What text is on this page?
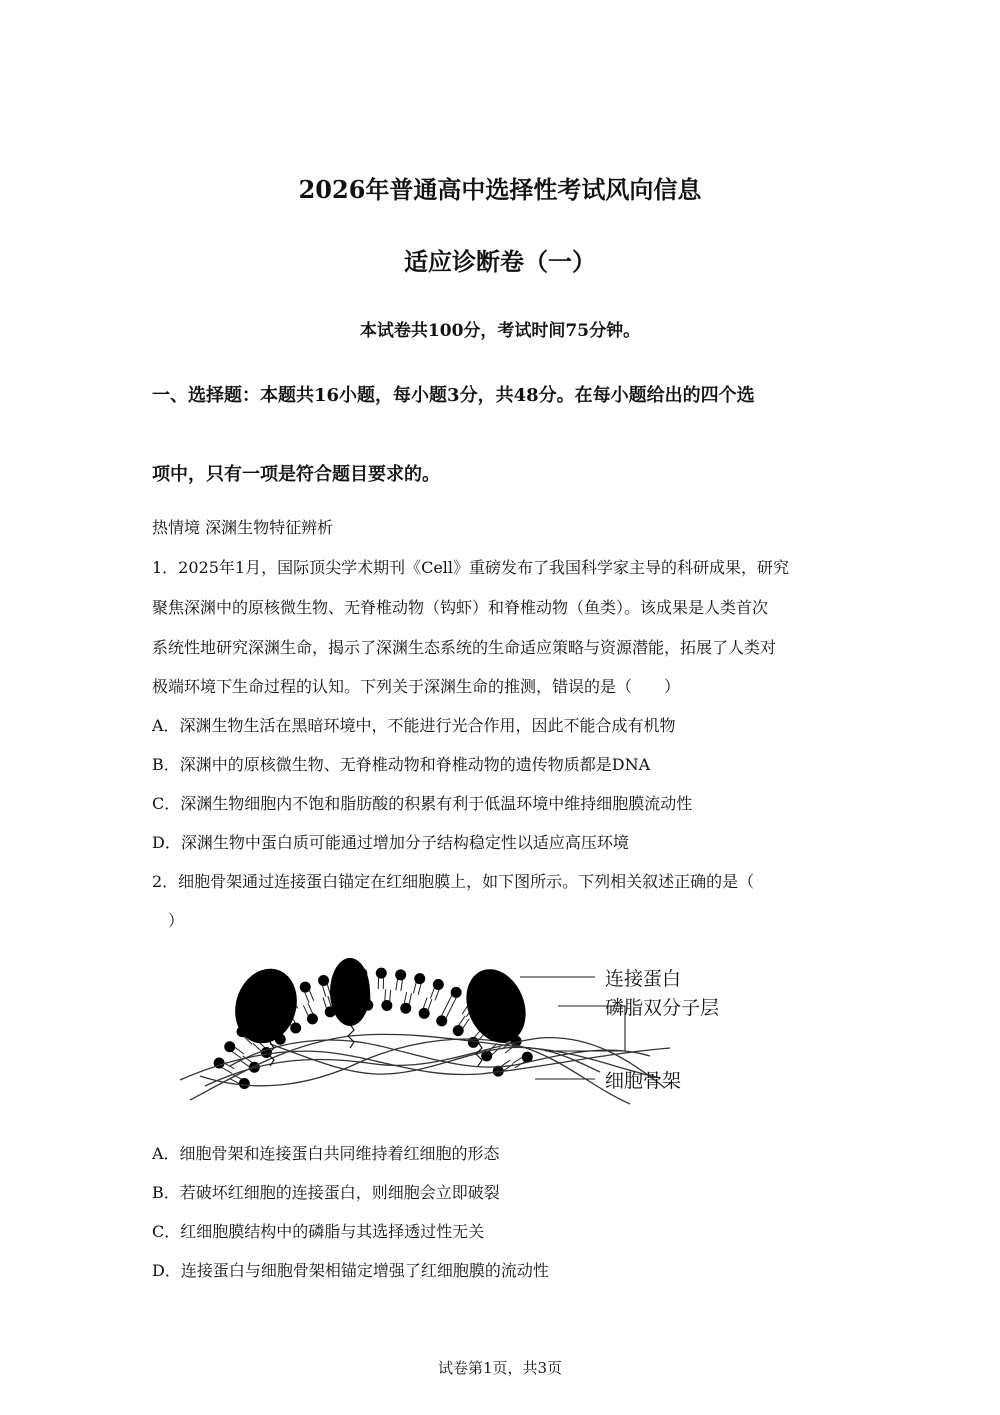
2026年普通高中选择性考试风向信息
适应诊断卷（一）
本试卷共100分，考试时间75分钟。
一、选择题：本题共16小题，每小题3分，共48分。在每小题给出的四个选
项中，只有一项是符合题目要求的。
热情境 深渊生物特征辨析
1．2025年1月，国际顶尖学术期刊《Cell》重磅发布了我国科学家主导的科研成果，研究
聚焦深渊中的原核微生物、无脊椎动物（钩虾）和脊椎动物（鱼类）。该成果是人类首次
系统性地研究深渊生命，揭示了深渊生态系统的生命适应策略与资源潜能，拓展了人类对
极端环境下生命过程的认知。下列关于深渊生命的推测，错误的是（　　）
A．深渊生物生活在黑暗环境中，不能进行光合作用，因此不能合成有机物
B．深渊中的原核微生物、无脊椎动物和脊椎动物的遗传物质都是DNA
C．深渊生物细胞内不饱和脂肪酸的积累有利于低温环境中维持细胞膜流动性
D．深渊生物中蛋白质可能通过增加分子结构稳定性以适应高压环境
2．细胞骨架通过连接蛋白锚定在红细胞膜上，如下图所示。下列相关叙述正确的是（
）
连接蛋白
磷脂双分子层
细胞骨架
A．细胞骨架和连接蛋白共同维持着红细胞的形态
B．若破坏红细胞的连接蛋白，则细胞会立即破裂
C．红细胞膜结构中的磷脂与其选择透过性无关
D．连接蛋白与细胞骨架相锚定增强了红细胞膜的流动性
试卷第1页，共3页
